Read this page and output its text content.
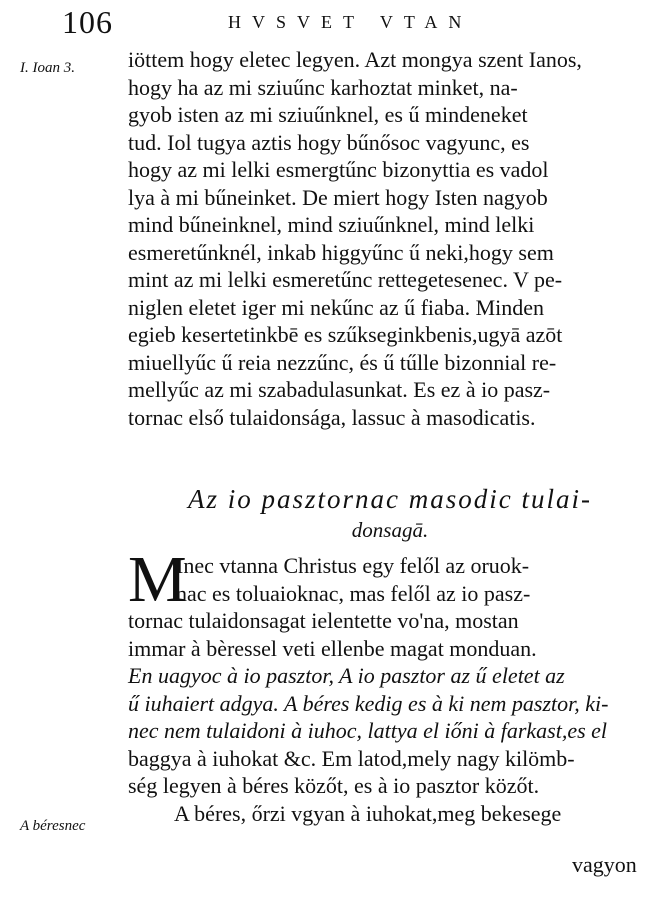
106	HVSVET VTAN
I. Ioan 3.
A béresnec
iöttem hogy eletec legyen. Azt mongya szent Ianos,
hogy ha az mi sziuűnc karhoztat minket, na-
gyob isten az mi sziuűnknel, es ű mindeneket
tud. Iol tugya aztis hogy bűnősoc vagyunc, es
hogy az mi lelki esmergtűnc bizonyttia es vadol
lya à mi bűneinket. De miert hogy Isten nagyob
mind bűneinknel, mind sziuűnknel, mind lelki
esmeretűnknél, inkab higgyűnc ű neki,hogy sem
mint az mi lelki esmeretűnc rettegetesenec. V pe-
niglen eletet iger mi nekűnc az ű fiaba. Minden
egieb kesertetinkbē es szűkseginkbenis,ugyā azōt
miuellyűc ű reia nezzűnc, és ű tűlle bizonnial re-
mellyűc az mi szabadulasunkat. Es ez à io pasz-
tornac első tulaidonsága, lassuc à masodicatis.
Az io pasztornac masodic tulai-
donsagā.
M
Inec vtanna Christus egy felől az oruok-
nac es toluaioknac, mas felől az io pasz-
tornac tulaidonsagat ielentette vo'na, mostan
immar à bèressel veti ellenbe magat monduan.
En uagyoc à io pasztor, A io pasztor az ű eletet az
ű iuhaiert adgya. A béres kedig es à ki nem pasztor, ki-
nec nem tulaidoni à iuhoc, lattya el iőni à farkast,es el
baggya à iuhokat &c. Em latod,mely nagy kilömb-
ség legyen à béres közőt, es à io pasztor közőt.
A béres, őrzi vgyan à iuhokat,meg bekesege
vagyon
